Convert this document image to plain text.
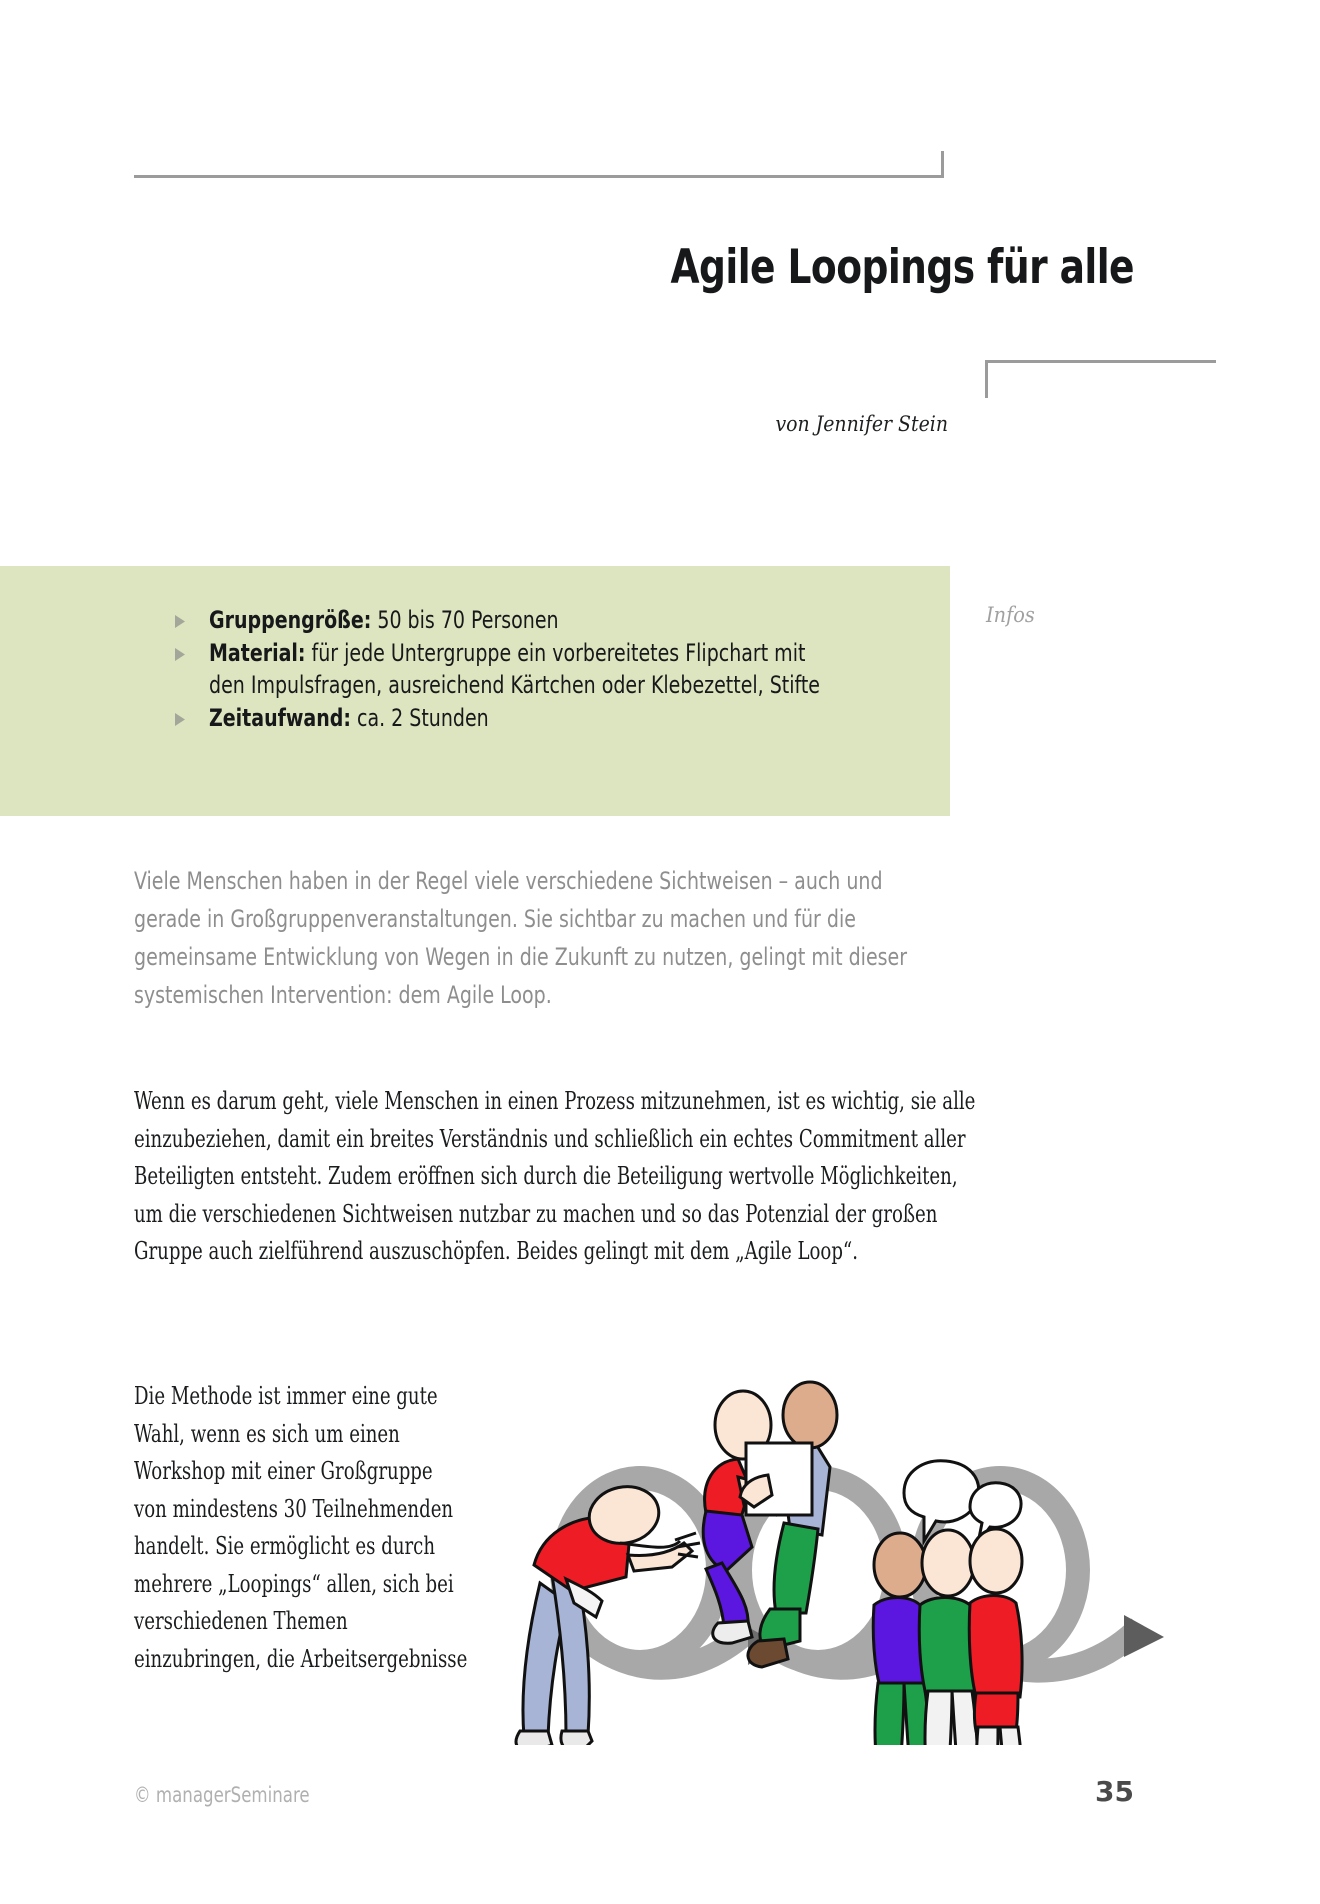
Agile Loopings für alle
von Jennifer Stein
Gruppengröße: 50 bis 70 Personen
Material: für jede Untergruppe ein vorbereitetes Flipchart mit den Impulsfragen, ausreichend Kärtchen oder Klebezettel, Stifte
Zeitaufwand: ca. 2 Stunden
Infos
Viele Menschen haben in der Regel viele verschiedene Sichtweisen – auch und gerade in Großgruppenveranstaltungen. Sie sichtbar zu machen und für die gemeinsame Entwicklung von Wegen in die Zukunft zu nutzen, gelingt mit dieser systemischen Intervention: dem Agile Loop.
Wenn es darum geht, viele Menschen in einen Prozess mitzunehmen, ist es wichtig, sie alle einzubeziehen, damit ein breites Verständnis und schließlich ein echtes Commitment aller Beteiligten entsteht. Zudem eröffnen sich durch die Beteiligung wertvolle Möglichkeiten, um die verschiedenen Sichtweisen nutzbar zu machen und so das Potenzial der großen Gruppe auch zielführend auszuschöpfen. Beides gelingt mit dem „Agile Loop“.
Die Methode ist immer eine gute Wahl, wenn es sich um einen Workshop mit einer Großgruppe von mindestens 30 Teilnehmenden handelt. Sie ermöglicht es durch mehrere „Loopings“ allen, sich bei verschiedenen Themen einzubringen, die Arbeitsergebnisse
© managerSeminare	35
